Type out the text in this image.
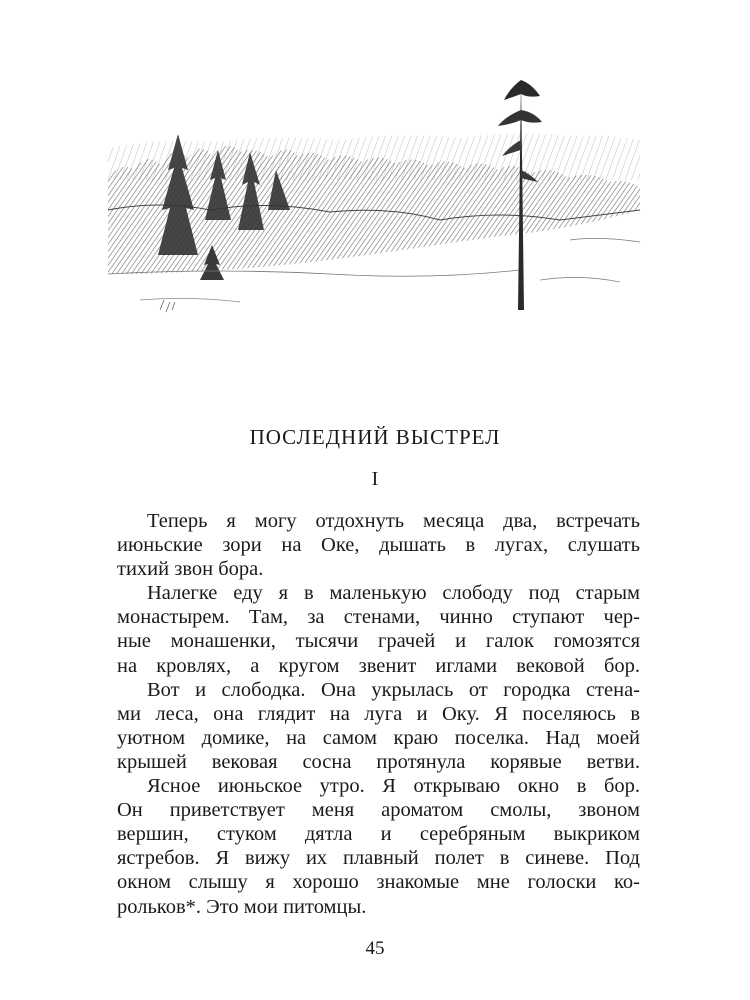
ПОСЛЕДНИЙ ВЫСТРЕЛ
I
Теперь я могу отдохнуть месяца два, встречать
июньские зори на Оке, дышать в лугах, слушать
тихий звон бора.
Налегке еду я в маленькую слободу под старым
монастырем. Там, за стенами, чинно ступают чер-
ные монашенки, тысячи грачей и галок гомозятся
на кровлях, а кругом звенит иглами вековой бор.
Вот и слободка. Она укрылась от городка стена-
ми леса, она глядит на луга и Оку. Я поселяюсь в
уютном домике, на самом краю поселка. Над моей
крышей вековая сосна протянула корявые ветви.
Ясное июньское утро. Я открываю окно в бор.
Он приветствует меня ароматом смолы, звоном
вершин, стуком дятла и серебряным выкриком
ястребов. Я вижу их плавный полет в синеве. Под
окном слышу я хорошо знакомые мне голоски ко-
рольков*. Это мои питомцы.
45
